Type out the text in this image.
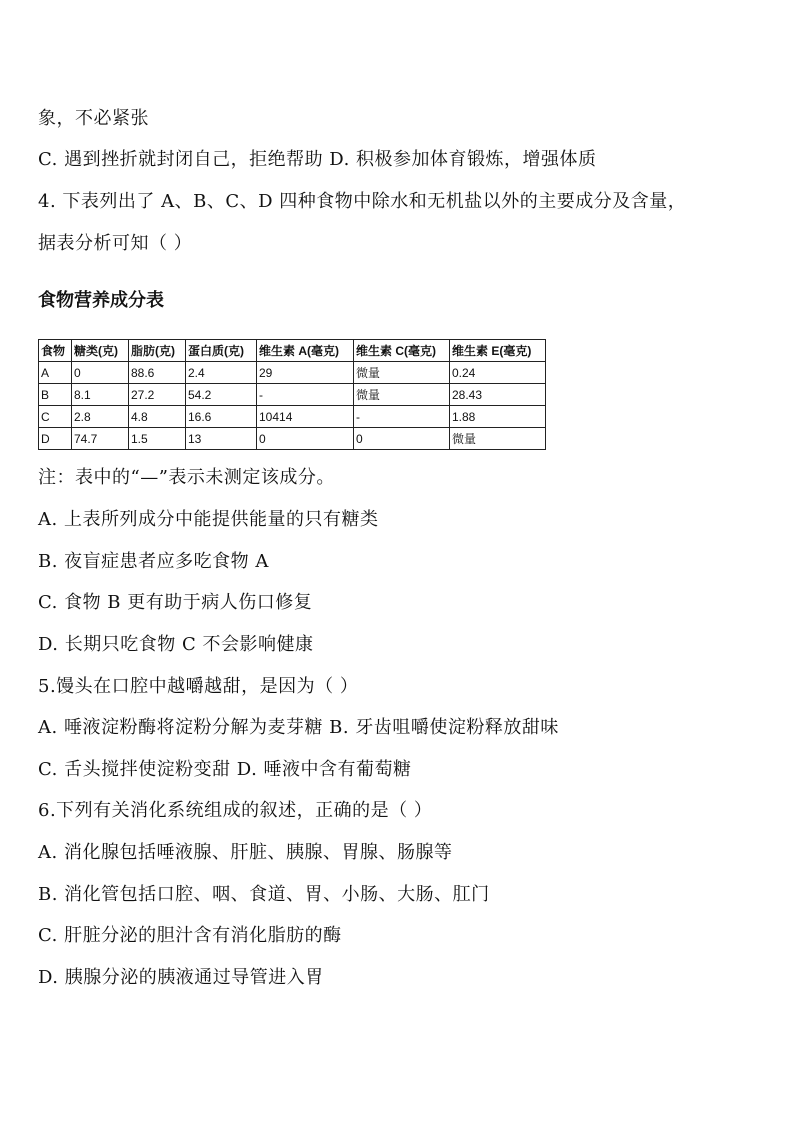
象，不必紧张
C. 遇到挫折就封闭自己，拒绝帮助 D. 积极参加体育锻炼，增强体质
4. 下表列出了 A、B、C、D 四种食物中除水和无机盐以外的主要成分及含量，
据表分析可知（ ）
食物营养成分表
食物	糖类(克)	脂肪(克)	蛋白质(克)	维生素 A(毫克)	维生素 C(毫克)	维生素 E(毫克)
A	0	88.6	2.4	29	微量	0.24
B	8.1	27.2	54.2	-	微量	28.43
C	2.8	4.8	16.6	10414	-	1.88
D	74.7	1.5	13	0	0	微量
注：表中的“—”表示未测定该成分。
A. 上表所列成分中能提供能量的只有糖类
B. 夜盲症患者应多吃食物 A
C. 食物 B 更有助于病人伤口修复
D. 长期只吃食物 C 不会影响健康
5.馒头在口腔中越嚼越甜，是因为（ ）
A. 唾液淀粉酶将淀粉分解为麦芽糖 B. 牙齿咀嚼使淀粉释放甜味
C. 舌头搅拌使淀粉变甜 D. 唾液中含有葡萄糖
6.下列有关消化系统组成的叙述，正确的是（ ）
A. 消化腺包括唾液腺、肝脏、胰腺、胃腺、肠腺等
B. 消化管包括口腔、咽、食道、胃、小肠、大肠、肛门
C. 肝脏分泌的胆汁含有消化脂肪的酶
D. 胰腺分泌的胰液通过导管进入胃
